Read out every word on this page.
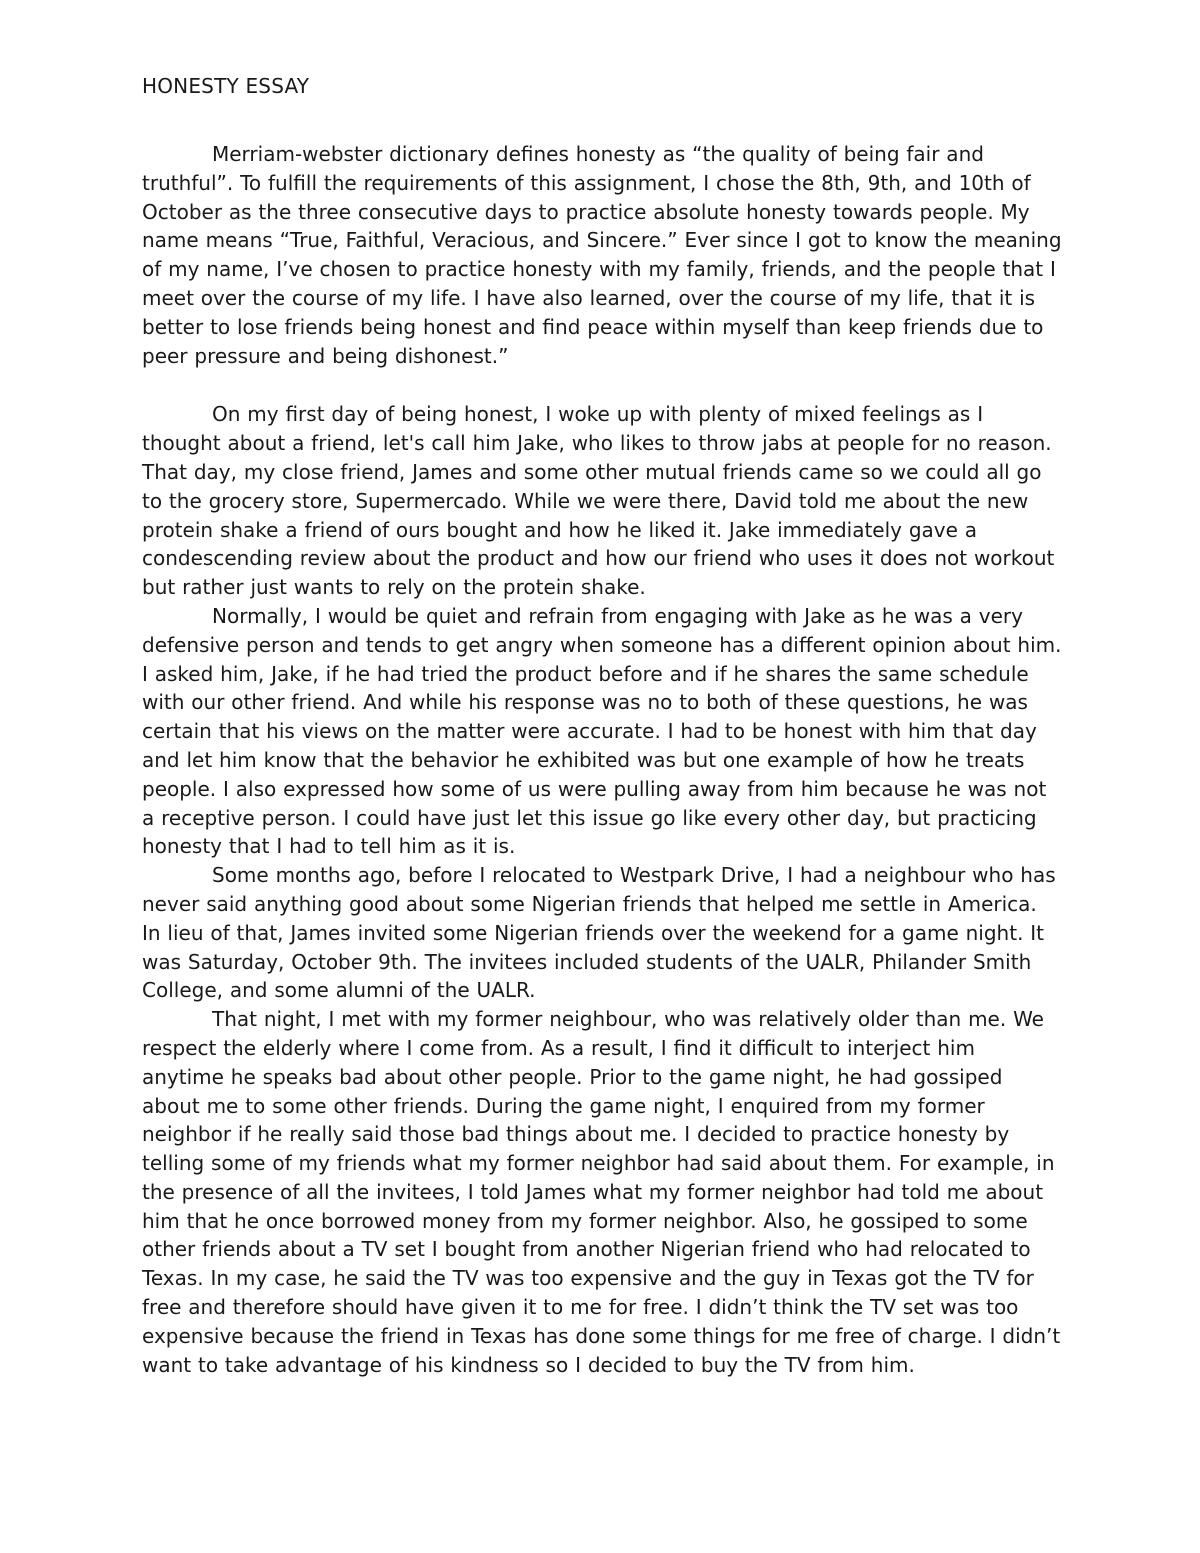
HONESTY ESSAY

Merriam-webster dictionary defines honesty as “the quality of being fair and truthful”. To fulfill the requirements of this assignment, I chose the 8th, 9th, and 10th of October as the three consecutive days to practice absolute honesty towards people. My name means “True, Faithful, Veracious, and Sincere.” Ever since I got to know the meaning of my name, I’ve chosen to practice honesty with my family, friends, and the people that I meet over the course of my life. I have also learned, over the course of my life, that it is better to lose friends being honest and find peace within myself than keep friends due to peer pressure and being dishonest.”

On my first day of being honest, I woke up with plenty of mixed feelings as I thought about a friend, let's call him Jake, who likes to throw jabs at people for no reason. That day, my close friend, James and some other mutual friends came so we could all go to the grocery store, Supermercado. While we were there, David told me about the new protein shake a friend of ours bought and how he liked it. Jake immediately gave a condescending review about the product and how our friend who uses it does not workout but rather just wants to rely on the protein shake.

Normally, I would be quiet and refrain from engaging with Jake as he was a very defensive person and tends to get angry when someone has a different opinion about him. I asked him, Jake, if he had tried the product before and if he shares the same schedule with our other friend. And while his response was no to both of these questions, he was certain that his views on the matter were accurate. I had to be honest with him that day and let him know that the behavior he exhibited was but one example of how he treats people. I also expressed how some of us were pulling away from him because he was not a receptive person. I could have just let this issue go like every other day, but practicing honesty that I had to tell him as it is.

Some months ago, before I relocated to Westpark Drive, I had a neighbour who has never said anything good about some Nigerian friends that helped me settle in America. In lieu of that, James invited some Nigerian friends over the weekend for a game night. It was Saturday, October 9th. The invitees included students of the UALR, Philander Smith College, and some alumni of the UALR.

That night, I met with my former neighbour, who was relatively older than me. We respect the elderly where I come from. As a result, I find it difficult to interject him anytime he speaks bad about other people. Prior to the game night, he had gossiped about me to some other friends. During the game night, I enquired from my former neighbor if he really said those bad things about me. I decided to practice honesty by telling some of my friends what my former neighbor had said about them. For example, in the presence of all the invitees, I told James what my former neighbor had told me about him that he once borrowed money from my former neighbor. Also, he gossiped to some other friends about a TV set I bought from another Nigerian friend who had relocated to Texas. In my case, he said the TV was too expensive and the guy in Texas got the TV for free and therefore should have given it to me for free. I didn’t think the TV set was too expensive because the friend in Texas has done some things for me free of charge. I didn’t want to take advantage of his kindness so I decided to buy the TV from him.
